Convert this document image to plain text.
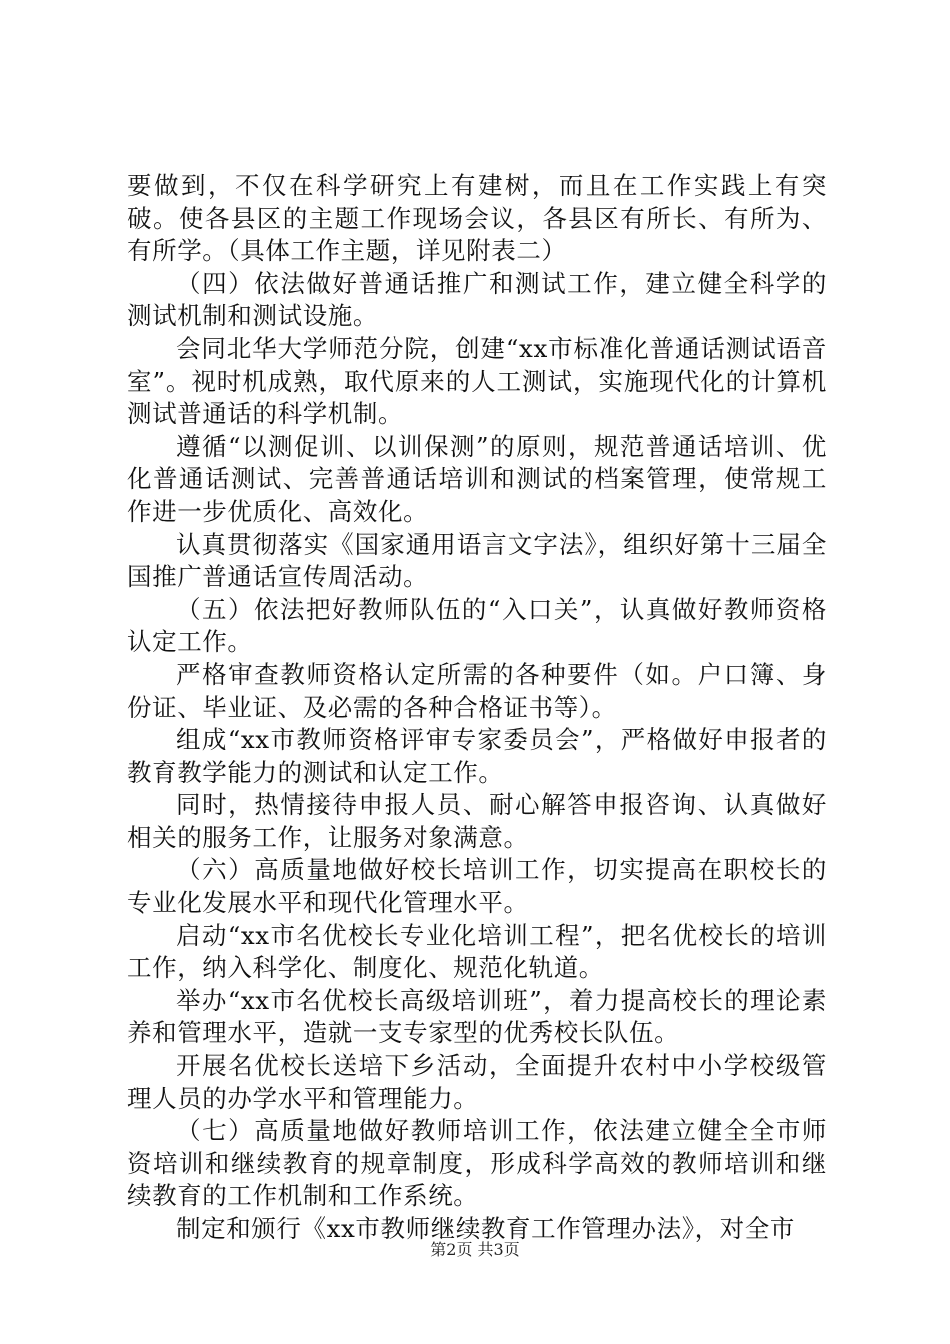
要做到，不仅在科学研究上有建树，而且在工作实践上有突破。使各县区的主题工作现场会议，各县区有所长、有所为、有所学。（具体工作主题，详见附表二）

（四）依法做好普通话推广和测试工作，建立健全科学的测试机制和测试设施。

会同北华大学师范分院，创建“xx市标准化普通话测试语音室”。视时机成熟，取代原来的人工测试，实施现代化的计算机测试普通话的科学机制。

遵循“以测促训、以训保测”的原则，规范普通话培训、优化普通话测试、完善普通话培训和测试的档案管理，使常规工作进一步优质化、高效化。

认真贯彻落实《国家通用语言文字法》，组织好第十三届全国推广普通话宣传周活动。

（五）依法把好教师队伍的“入口关”，认真做好教师资格认定工作。

严格审查教师资格认定所需的各种要件（如。户口簿、身份证、毕业证、及必需的各种合格证书等）。

组成“xx市教师资格评审专家委员会”，严格做好申报者的教育教学能力的测试和认定工作。

同时，热情接待申报人员、耐心解答申报咨询、认真做好相关的服务工作，让服务对象满意。

（六）高质量地做好校长培训工作，切实提高在职校长的专业化发展水平和现代化管理水平。

启动“xx市名优校长专业化培训工程”，把名优校长的培训工作，纳入科学化、制度化、规范化轨道。

举办“xx市名优校长高级培训班”，着力提高校长的理论素养和管理水平，造就一支专家型的优秀校长队伍。

开展名优校长送培下乡活动，全面提升农村中小学校级管理人员的办学水平和管理能力。

（七）高质量地做好教师培训工作，依法建立健全全市师资培训和继续教育的规章制度，形成科学高效的教师培训和继续教育的工作机制和工作系统。

制定和颁行《xx市教师继续教育工作管理办法》，对全市

第2页 共3页
